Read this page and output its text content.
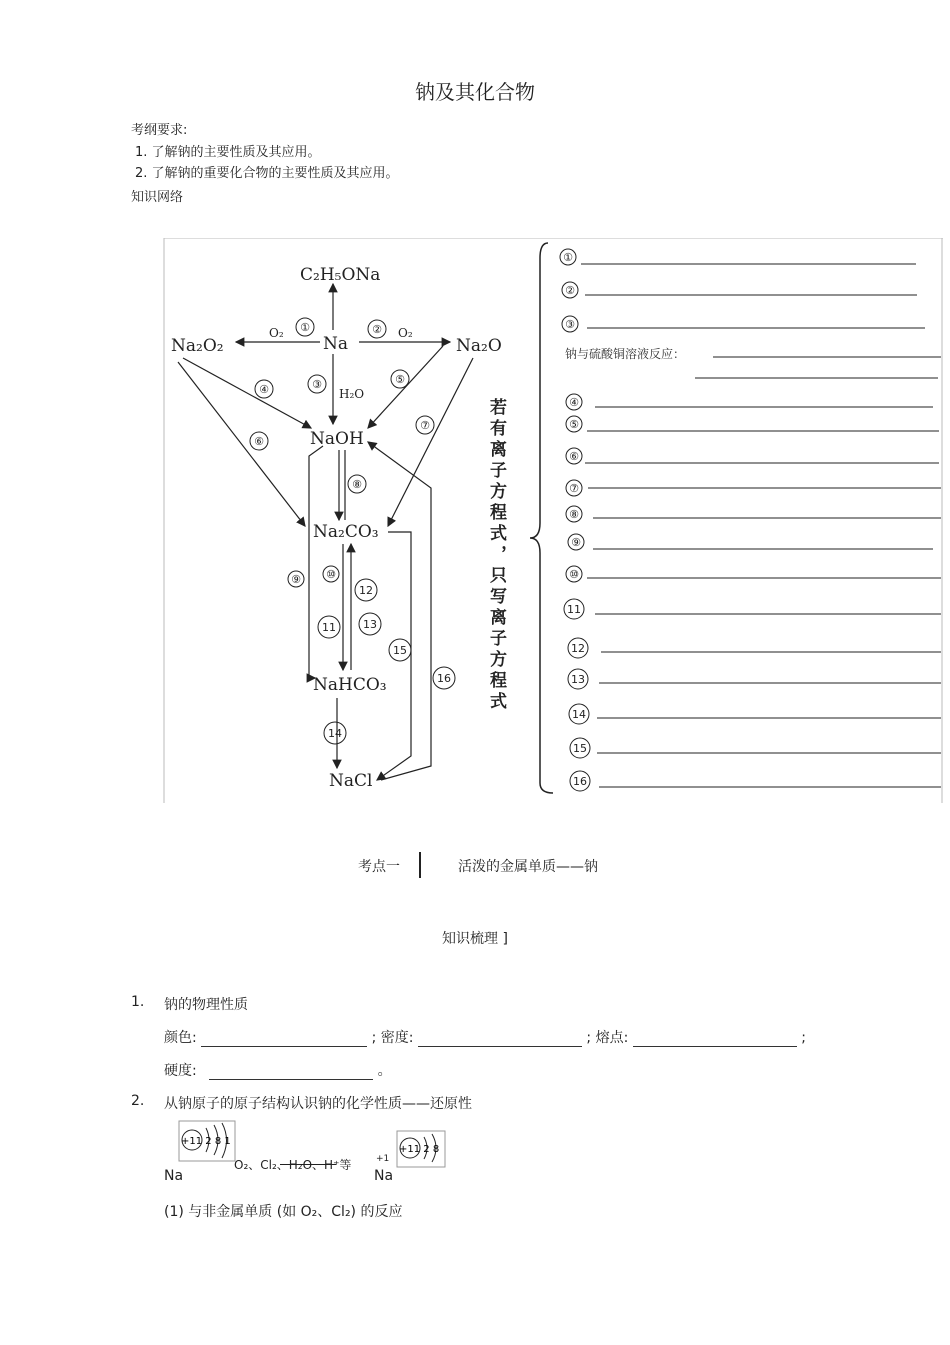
钠及其化合物
考纲要求:
1. 了解钠的主要性质及其应用。
2. 了解钠的重要化合物的主要性质及其应用。
知识网络
C₂H₅ONa
Na₂O₂	Na	Na₂O
NaOH
Na₂CO₃
NaHCO₃
NaCl
O₂	O₂
H₂O
①	②
③
④
⑤
⑥
⑦
⑧
⑨ ⑩
12
11 13
15
16
14
若有离子方程式，只写离子方程式
①
②
③
④
⑤
⑥
⑦
⑧
⑨
⑩
11
12
13
14
15
16
钠与硫酸铜溶液反应：
考点一	活泼的金属单质——钠
知识梳理 ]
1. 钠的物理性质
颜色:	; 密度:	; 熔点:	;
硬度:	。
2. 从钠原子的原子结构认识钠的化学性质——还原性
Na
+11 2 8 1
O₂、Cl₂、H₂O、H⁺等	+1
Na
+11 2 8
(1) 与非金属单质 (如 O₂、Cl₂) 的反应
